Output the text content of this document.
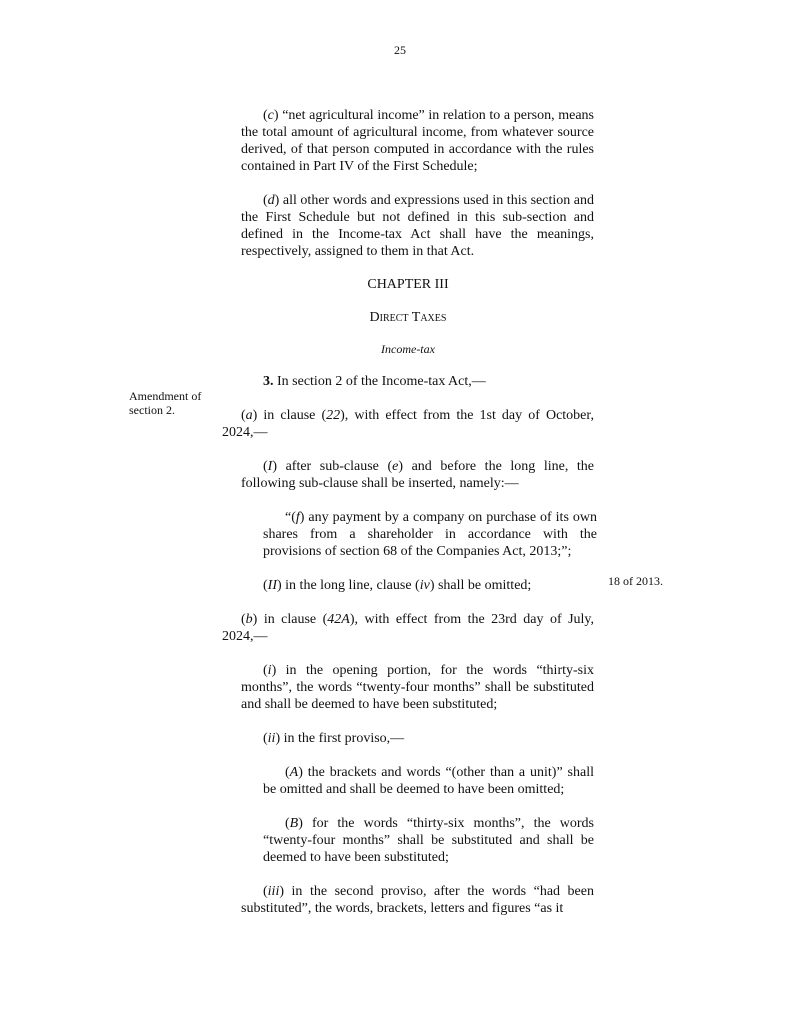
25

(c) “net agricultural income” in relation to a person, means the total amount of agricultural income, from whatever source derived, of that person computed in accordance with the rules contained in Part IV of the First Schedule;

(d) all other words and expressions used in this section and the First Schedule but not defined in this sub-section and defined in the Income-tax Act shall have the meanings, respectively, assigned to them in that Act.

CHAPTER III

Direct Taxes

Income-tax

3. In section 2 of the Income-tax Act,—

(a) in clause (22), with effect from the 1st day of October, 2024,—

(I) after sub-clause (e) and before the long line, the following sub-clause shall be inserted, namely:—

“(f) any payment by a company on purchase of its own shares from a shareholder in accordance with the provisions of section 68 of the Companies Act, 2013;”;

(II) in the long line, clause (iv) shall be omitted;

(b) in clause (42A), with effect from the 23rd day of July, 2024,—

(i) in the opening portion, for the words “thirty-six months”, the words “twenty-four months” shall be substituted and shall be deemed to have been substituted;

(ii) in the first proviso,—

(A) the brackets and words “(other than a unit)” shall be omitted and shall be deemed to have been omitted;

(B) for the words “thirty-six months”, the words “twenty-four months” shall be substituted and shall be deemed to have been substituted;

(iii) in the second proviso, after the words “had been substituted”, the words, brackets, letters and figures “as it

Amendment of section 2.
18 of 2013.
